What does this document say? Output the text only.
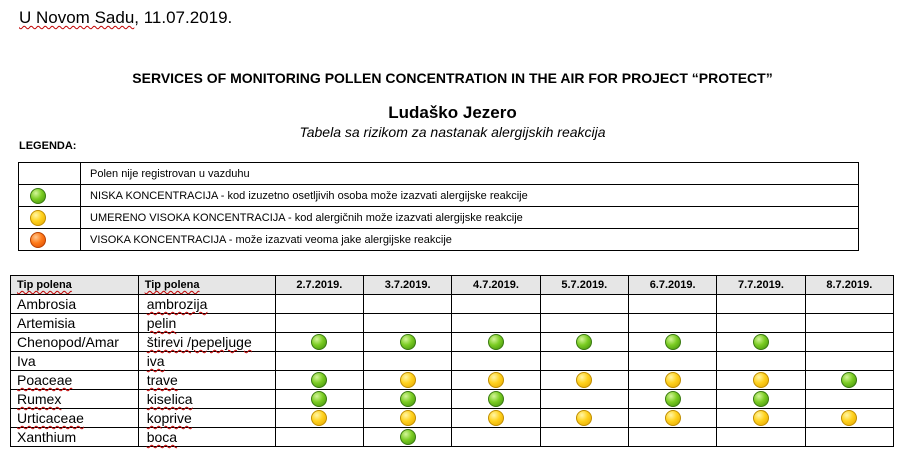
U Novom Sadu, 11.07.2019.
SERVICES OF MONITORING POLLEN CONCENTRATION IN THE AIR FOR PROJECT “PROTECT”
Ludaško Jezero
Tabela sa rizikom za nastanak alergijskih reakcija
LEGENDA:
	Polen nije registrovan u vazduhu
	NISKA KONCENTRACIJA - kod izuzetno osetljivih osoba može izazvati alergijske reakcije
	UMERENO VISOKA KONCENTRACIJA - kod alergičnih može izazvati alergijske reakcije
	VISOKA KONCENTRACIJA - može izazvati veoma jake alergijske reakcije
Tip polena	Tip polena	2.7.2019.	3.7.2019.	4.7.2019.	5.7.2019.	6.7.2019.	7.7.2019.	8.7.2019.
Ambrosia	ambrozija							
Artemisia	pelin							
Chenopod/Amar	štirevi /pepeljuge							
Iva	iva							
Poaceae	trave							
Rumex	kiselica							
Urticaceae	koprive							
Xanthium	boca							
